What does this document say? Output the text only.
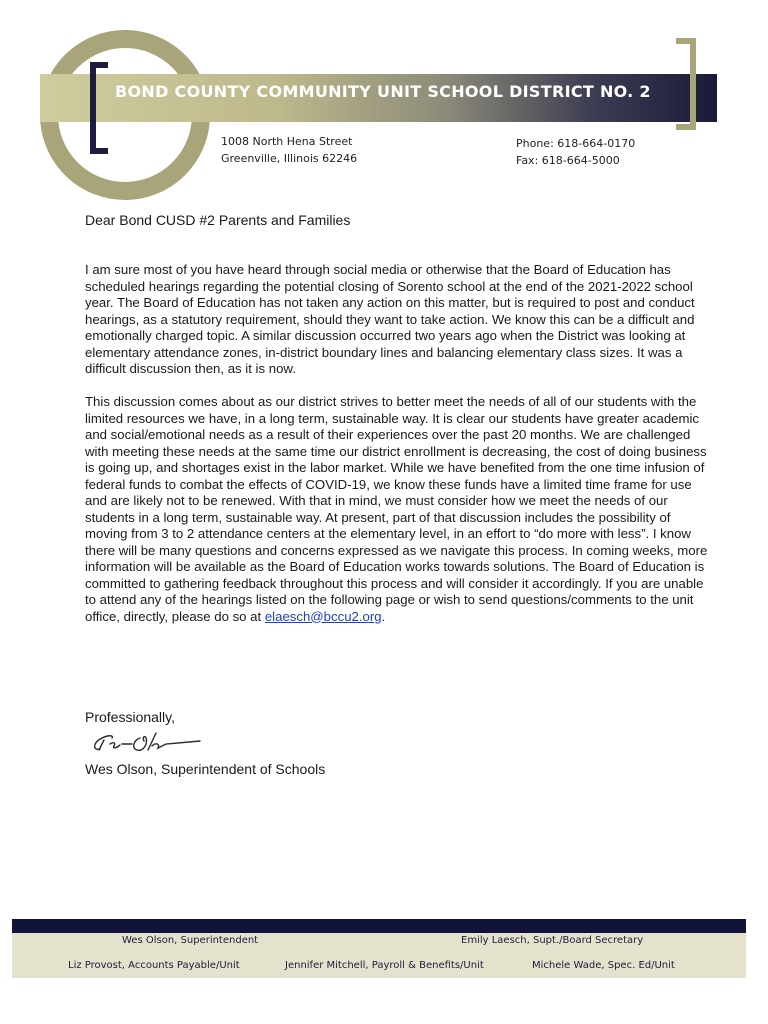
BOND COUNTY COMMUNITY UNIT SCHOOL DISTRICT NO. 2
1008 North Hena Street
Greenville, Illinois 62246
Phone: 618-664-0170
Fax: 618-664-5000
Dear Bond CUSD #2 Parents and Families

I am sure most of you have heard through social media or otherwise that the Board of Education has scheduled hearings regarding the potential closing of Sorento school at the end of the 2021-2022 school year. The Board of Education has not taken any action on this matter, but is required to post and conduct hearings, as a statutory requirement, should they want to take action. We know this can be a difficult and emotionally charged topic. A similar discussion occurred two years ago when the District was looking at elementary attendance zones, in-district boundary lines and balancing elementary class sizes. It was a difficult discussion then, as it is now.

This discussion comes about as our district strives to better meet the needs of all of our students with the limited resources we have, in a long term, sustainable way. It is clear our students have greater academic and social/emotional needs as a result of their experiences over the past 20 months. We are challenged with meeting these needs at the same time our district enrollment is decreasing, the cost of doing business is going up, and shortages exist in the labor market. While we have benefited from the one time infusion of federal funds to combat the effects of COVID-19, we know these funds have a limited time frame for use and are likely not to be renewed. With that in mind, we must consider how we meet the needs of our students in a long term, sustainable way. At present, part of that discussion includes the possibility of moving from 3 to 2 attendance centers at the elementary level, in an effort to “do more with less”. I know there will be many questions and concerns expressed as we navigate this process. In coming weeks, more information will be available as the Board of Education works towards solutions. The Board of Education is committed to gathering feedback throughout this process and will consider it accordingly. If you are unable to attend any of the hearings listed on the following page or wish to send questions/comments to the unit office, directly, please do so at elaesch@bccu2.org.

Professionally,
Wes Olson, Superintendent of Schools
Wes Olson, Superintendent	Emily Laesch, Supt./Board Secretary
Liz Provost, Accounts Payable/Unit	Jennifer Mitchell, Payroll & Benefits/Unit	Michele Wade, Spec. Ed/Unit
